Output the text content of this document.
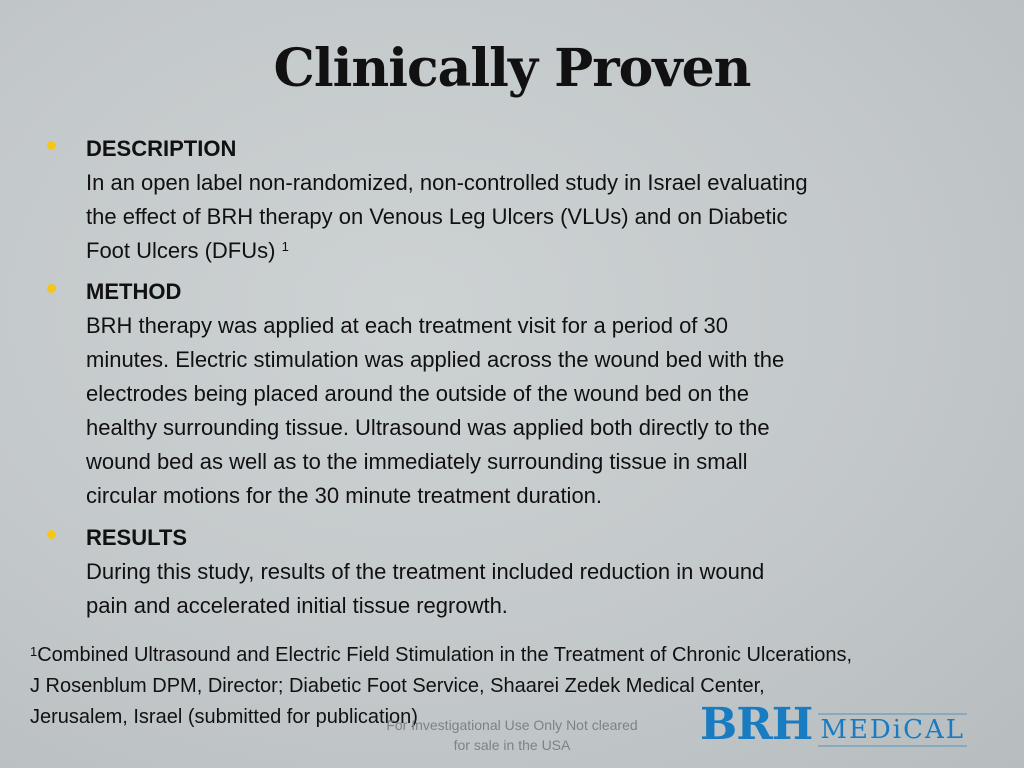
Clinically Proven
DESCRIPTION
In an open label non-randomized, non-controlled study in Israel evaluating
the effect of BRH therapy on Venous Leg Ulcers (VLUs) and on Diabetic
Foot Ulcers (DFUs) $^1$
METHOD
BRH therapy was applied at each treatment visit for a period of 30
minutes. Electric stimulation was applied across the wound bed with the
electrodes being placed around the outside of the wound bed on the
healthy surrounding tissue. Ultrasound was applied both directly to the
wound bed as well as to the immediately surrounding tissue in small
circular motions for the 30 minute treatment duration.
RESULTS
During this study, results of the treatment included reduction in wound
pain and accelerated initial tissue regrowth.
$^1$Combined Ultrasound and Electric Field Stimulation in the Treatment of Chronic Ulcerations,
J Rosenblum DPM, Director; Diabetic Foot Service, Shaarei Zedek Medical Center,
Jerusalem, Israel (submitted for publication)
For Investigational Use Only Not cleared
for sale in the USA	BRH MEDiCAL
